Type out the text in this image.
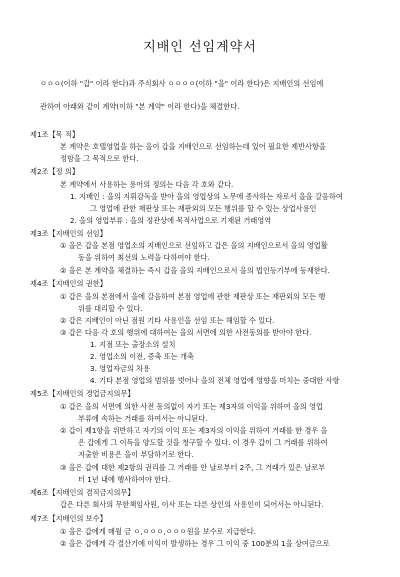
지배인 선임계약서
ㅇㅇㅇ(이하 "갑" 이라 한다)과 주식회사 ㅇㅇㅇㅇ(이하 "을" 이라 한다)은 지배인의 선임에
관하여 아래와 같이 계약(이하 "본 계약" 이라 한다)을 체결한다.
제1조【목 적】
본 계약은 호텔영업을 하는 을이 갑을 지배인으로 선임하는데 있어 필요한 제반사항을
정함을 그 목적으로 한다.
제2조【정 의】
본 계약에서 사용하는 용어의 정의는 다음 각 호와 같다.
1. 지배인 : 을의 지휘감독을 받아 을의 영업상의 노무에 종사하는 자로서 을을 갈음하여
그 영업에 관한 재판상 또는 재판외의 모든 행위를 할 수 있는 상업사용인
2. 을의 영업부류 : 을의 정관상에 목적사업으로 기재된 거래영역
제3조【지배인의 선임】
① 을은 갑을 본점 영업소의 지배인으로 선임하고 갑은 을의 지배인으로서 을의 영업활
동을 위하여 최선의 노력을 다하여야 한다.
② 을은 본 계약을 체결하는 즉시 갑을 을의 지배인으로서 을의 법인등기부에 등재한다.
제4조【지배인의 권한】
① 갑은 을의 본점에서 을에 갈음하여 본점 영업에 관한 재판상 또는 재판외의 모든 행
위를 대리할 수 있다.
② 갑은 지배인이 아닌 점원 기타 사용인을 선임 또는 해임할 수 있다.
③ 갑은 다음 각 호의 행위에 대하여는 을의 서면에 의한 사전동의를 받아야 한다.
1. 지점 또는 출장소의 설치
2. 영업소의 이전, 증축 또는 개축
3. 영업자금의 차용
4. 기타 본점 영업의 범위를 벗어나 을의 전체 영업에 영향을 미치는 중대한 사항
제5조【지배인의 경업금지의무】
① 갑은 을의 서면에 의한 사전 동의없이 자기 또는 제3자의 이익을 위하여 을의 영업
부류에 속하는 거래를 하여서는 아니된다.
② 갑이 제1항을 위반하고 자기의 이익 또는 제3자의 이익을 위하여 거래를 한 경우 을
은 갑에게 그 이득을 양도할 것을 청구할 수 있다. 이 경우 갑이 그 거래를 위하여
지출한 비용은 을이 부담하기로 한다.
③ 을은 갑에 대한 제2항의 권리를 그 거래를 안 날로부터 2주, 그 거래가 있은 날로부
터 1년 내에 행사하여야 한다.
제6조【지배인의 겸직금지의무】
갑은 다른 회사의 무한책임사원, 이사 또는 다른 상인의 사용인이 되어서는 아니된다.
제7조【지배인의 보수】
① 을은 갑에게 매월 금 ㅇ,ㅇㅇㅇ,ㅇㅇㅇ원을 보수로 지급한다.
② 을은 갑에게 각 결산기에 이익이 발생하는 경우 그 이익 중 100분의 1을 상여금으로
